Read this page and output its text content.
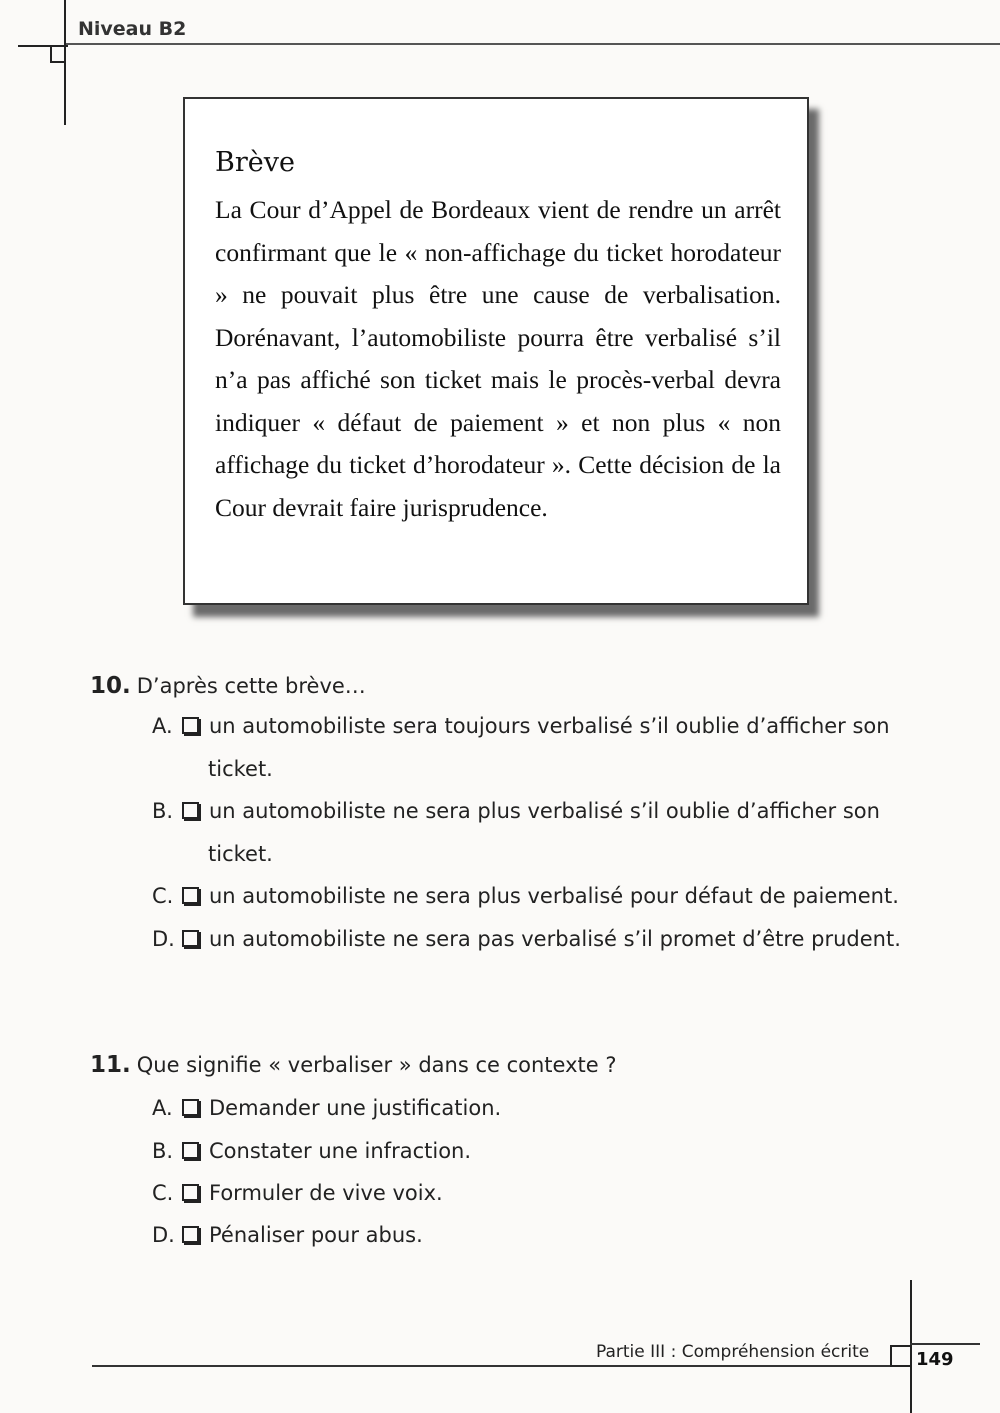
Niveau B2
Brève
La Cour d’Appel de Bordeaux vient de rendre un arrêt confirmant que le « non-affichage du ticket horodateur » ne pouvait plus être une cause de verbalisation. Dorénavant, l’automobiliste pourra être verbalisé s’il n’a pas affiché son ticket mais le procès-verbal devra indiquer « défaut de paiement » et non plus « non affichage du ticket d’horodateur ». Cette décision de la Cour devrait faire jurisprudence.
10. D’après cette brève…
A. un automobiliste sera toujours verbalisé s’il oublie d’afficher son
ticket.
B. un automobiliste ne sera plus verbalisé s’il oublie d’afficher son
ticket.
C. un automobiliste ne sera plus verbalisé pour défaut de paiement.
D. un automobiliste ne sera pas verbalisé s’il promet d’être prudent.
11. Que signifie « verbaliser » dans ce contexte ?
A. Demander une justification.
B. Constater une infraction.
C. Formuler de vive voix.
D. Pénaliser pour abus.
Partie III : Compréhension écrite	149
